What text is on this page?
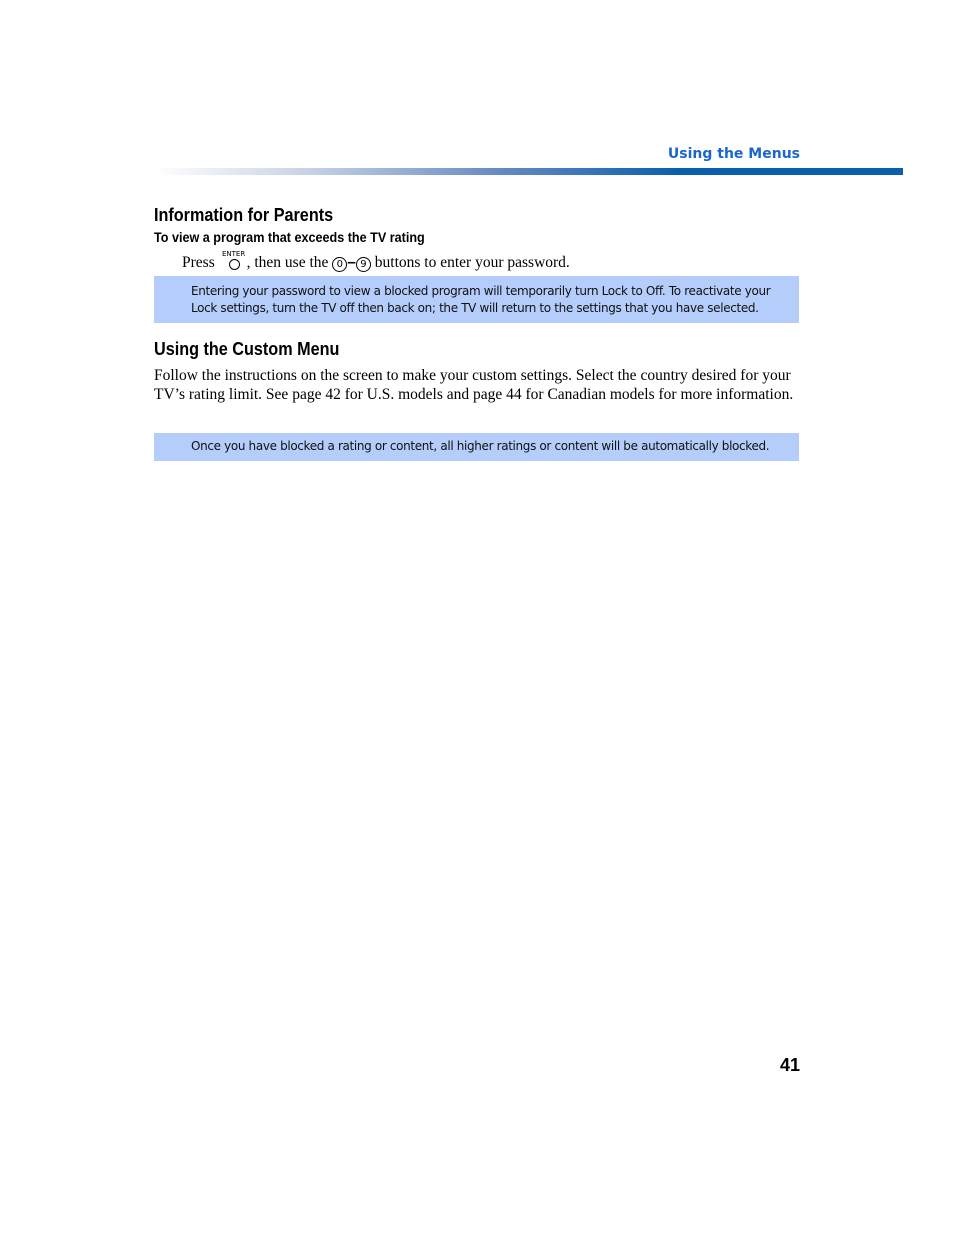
Using the Menus
Information for Parents
To view a program that exceeds the TV rating
Press ENTER , then use the 0 – 9 buttons to enter your password.
Entering your password to view a blocked program will temporarily turn Lock to Off. To reactivate your Lock settings, turn the TV off then back on; the TV will return to the settings that you have selected.
Using the Custom Menu
Follow the instructions on the screen to make your custom settings. Select the country desired for your TV’s rating limit. See page 42 for U.S. models and page 44 for Canadian models for more information.
Once you have blocked a rating or content, all higher ratings or content will be automatically blocked.
41
